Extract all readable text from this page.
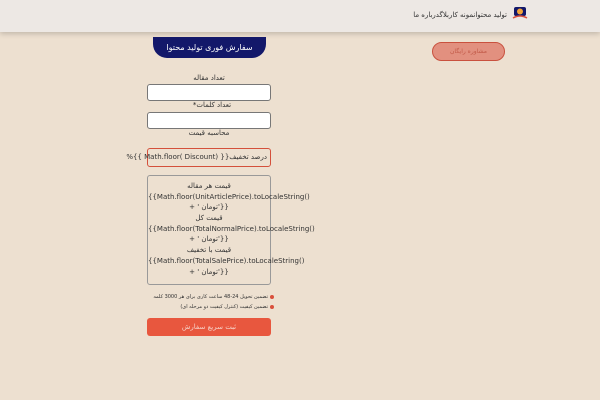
تولید محتوانمونه کاربلاگدرباره ما
سفارش فوری تولید محتوا	مشاوره رایگان
تعداد مقاله
تعداد کلمات*
محاسبه قیمت
درصد تخفیف{{ Math.floor( Discount) }}%
قیمت هر مقاله
{{Math.floor(UnitArticlePrice).toLocaleString()
+ ' تومان'}}
قیمت کل
{{Math.floor(TotalNormalPrice).toLocaleString()
+ ' تومان'}}
قیمت با تخفیف
{{Math.floor(TotalSalePrice).toLocaleString()
+ ' تومان'}}
تضمین تحویل 24-48 ساعت کاری برای هر 3000 کلمه
تضمین کیفیت (کنترل کیفیت دو مرحله ای)
ثبت سریع سفارش
